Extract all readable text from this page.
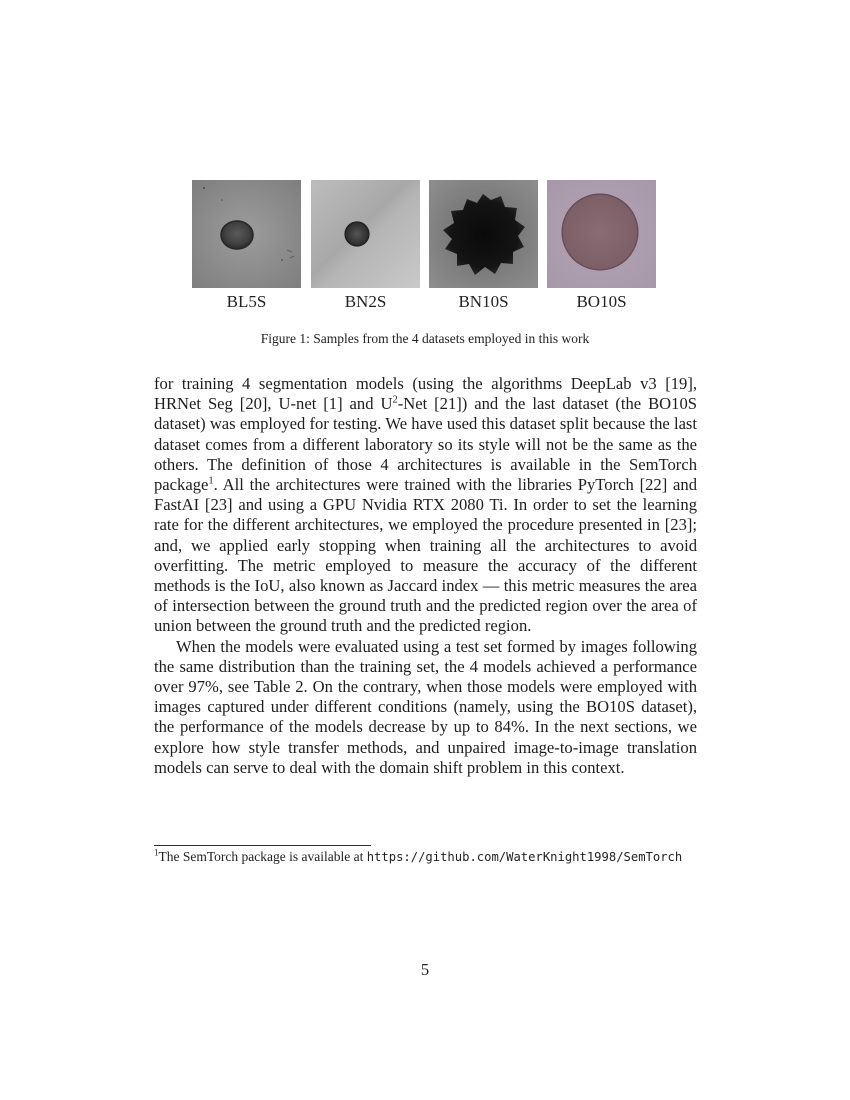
BL5S	BN2S	BN10S	BO10S
Figure 1: Samples from the 4 datasets employed in this work

for training 4 segmentation models (using the algorithms DeepLab v3 [19], HRNet Seg [20], U-net [1] and $U^2$-Net [21]) and the last dataset (the BO10S dataset) was employed for testing. We have used this dataset split because the last dataset comes from a different laboratory so its style will not be the same as the others. The definition of those 4 architectures is available in the SemTorch package$^1$. All the architectures were trained with the libraries PyTorch [22] and FastAI [23] and using a GPU Nvidia RTX 2080 Ti. In order to set the learning rate for the different architectures, we employed the procedure presented in [23]; and, we applied early stopping when training all the architectures to avoid overfitting. The metric employed to measure the accuracy of the different methods is the IoU, also known as Jaccard index — this metric measures the area of intersection between the ground truth and the predicted region over the area of union between the ground truth and the predicted region.

When the models were evaluated using a test set formed by images following the same distribution than the training set, the 4 models achieved a performance over 97%, see Table 2. On the contrary, when those models were employed with images captured under different conditions (namely, using the BO10S dataset), the performance of the models decrease by up to 84%. In the next sections, we explore how style transfer methods, and unpaired image-to-image translation models can serve to deal with the domain shift problem in this context.

$^1$The SemTorch package is available at https://github.com/WaterKnight1998/SemTorch
5
